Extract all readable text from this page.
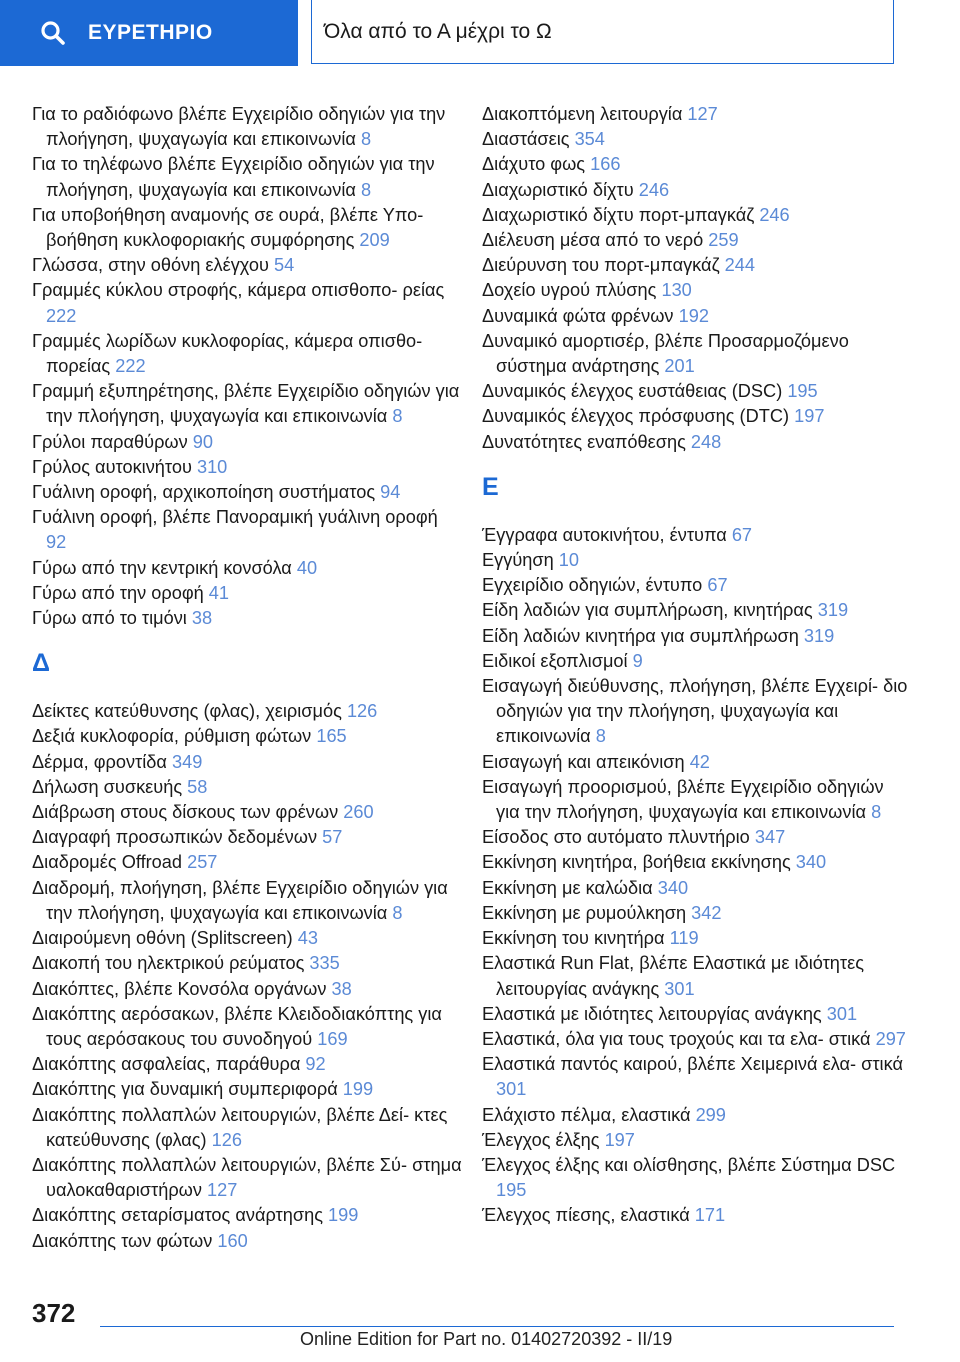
ΕΥΡΕΤΗΡΙΟ	Όλα από το Α μέχρι το Ω

Για το ραδιόφωνο βλέπε Εγχειρίδιο οδηγιών για την πλοήγηση, ψυχαγωγία και επικοινωνία 8

Για το τηλέφωνο βλέπε Εγχειρίδιο οδηγιών για την πλοήγηση, ψυχαγωγία και επικοινωνία 8

Για υποβοήθηση αναμονής σε ουρά, βλέπε Υπο- βοήθηση κυκλοφοριακής συμφόρησης 209

Γλώσσα, στην οθόνη ελέγχου 54

Γραμμές κύκλου στροφής, κάμερα οπισθοπο- ρείας 222

Γραμμές λωρίδων κυκλοφορίας, κάμερα οπισθο- πορείας 222

Γραμμή εξυπηρέτησης, βλέπε Εγχειρίδιο οδηγιών για την πλοήγηση, ψυχαγωγία και επικοινωνία 8

Γρύλοι παραθύρων 90

Γρύλος αυτοκινήτου 310

Γυάλινη οροφή, αρχικοποίηση συστήματος 94

Γυάλινη οροφή, βλέπε Πανοραμική γυάλινη οροφή 92

Γύρω από την κεντρική κονσόλα 40

Γύρω από την οροφή 41

Γύρω από το τιμόνι 38

Δ

Δείκτες κατεύθυνσης (φλας), χειρισμός 126

Δεξιά κυκλοφορία, ρύθμιση φώτων 165

Δέρμα, φροντίδα 349

Δήλωση συσκευής 58

Διάβρωση στους δίσκους των φρένων 260

Διαγραφή προσωπικών δεδομένων 57

Διαδρομές Offroad 257

Διαδρομή, πλοήγηση, βλέπε Εγχειρίδιο οδηγιών για την πλοήγηση, ψυχαγωγία και επικοινωνία 8

Διαιρούμενη οθόνη (Splitscreen) 43

Διακοπή του ηλεκτρικού ρεύματος 335

Διακόπτες, βλέπε Κονσόλα οργάνων 38

Διακόπτης αερόσακων, βλέπε Κλειδοδιακόπτης για τους αερόσακους του συνοδηγού 169

Διακόπτης ασφαλείας, παράθυρα 92

Διακόπτης για δυναμική συμπεριφορά 199

Διακόπτης πολλαπλών λειτουργιών, βλέπε Δεί- κτες κατεύθυνσης (φλας) 126

Διακόπτης πολλαπλών λειτουργιών, βλέπε Σύ- στημα υαλοκαθαριστήρων 127

Διακόπτης σεταρίσματος ανάρτησης 199

Διακόπτης των φώτων 160

Διακοπτόμενη λειτουργία 127

Διαστάσεις 354

Διάχυτο φως 166

Διαχωριστικό δίχτυ 246

Διαχωριστικό δίχτυ πορτ-μπαγκάζ 246

Διέλευση μέσα από το νερό 259

Διεύρυνση του πορτ-μπαγκάζ 244

Δοχείο υγρού πλύσης 130

Δυναμικά φώτα φρένων 192

Δυναμικό αμορτισέρ, βλέπε Προσαρμοζόμενο σύστημα ανάρτησης 201

Δυναμικός έλεγχος ευστάθειας (DSC) 195

Δυναμικός έλεγχος πρόσφυσης (DTC) 197

Δυνατότητες εναπόθεσης 248

Ε

Έγγραφα αυτοκινήτου, έντυπα 67

Εγγύηση 10

Εγχειρίδιο οδηγιών, έντυπο 67

Είδη λαδιών για συμπλήρωση, κινητήρας 319

Είδη λαδιών κινητήρα για συμπλήρωση 319

Ειδικοί εξοπλισμοί 9

Εισαγωγή διεύθυνσης, πλοήγηση, βλέπε Εγχειρί- διο οδηγιών για την πλοήγηση, ψυχαγωγία και επικοινωνία 8

Εισαγωγή και απεικόνιση 42

Εισαγωγή προορισμού, βλέπε Εγχειρίδιο οδηγιών για την πλοήγηση, ψυχαγωγία και επικοινωνία 8

Είσοδος στο αυτόματο πλυντήριο 347

Εκκίνηση κινητήρα, βοήθεια εκκίνησης 340

Εκκίνηση με καλώδια 340

Εκκίνηση με ρυμούλκηση 342

Εκκίνηση του κινητήρα 119

Ελαστικά Run Flat, βλέπε Ελαστικά με ιδιότητες λειτουργίας ανάγκης 301

Ελαστικά με ιδιότητες λειτουργίας ανάγκης 301

Ελαστικά, όλα για τους τροχούς και τα ελα- στικά 297

Ελαστικά παντός καιρού, βλέπε Χειμερινά ελα- στικά 301

Ελάχιστο πέλμα, ελαστικά 299

Έλεγχος έλξης 197

Έλεγχος έλξης και ολίσθησης, βλέπε Σύστημα DSC 195

Έλεγχος πίεσης, ελαστικά 171

372
Online Edition for Part no. 01402720392 - II/19
